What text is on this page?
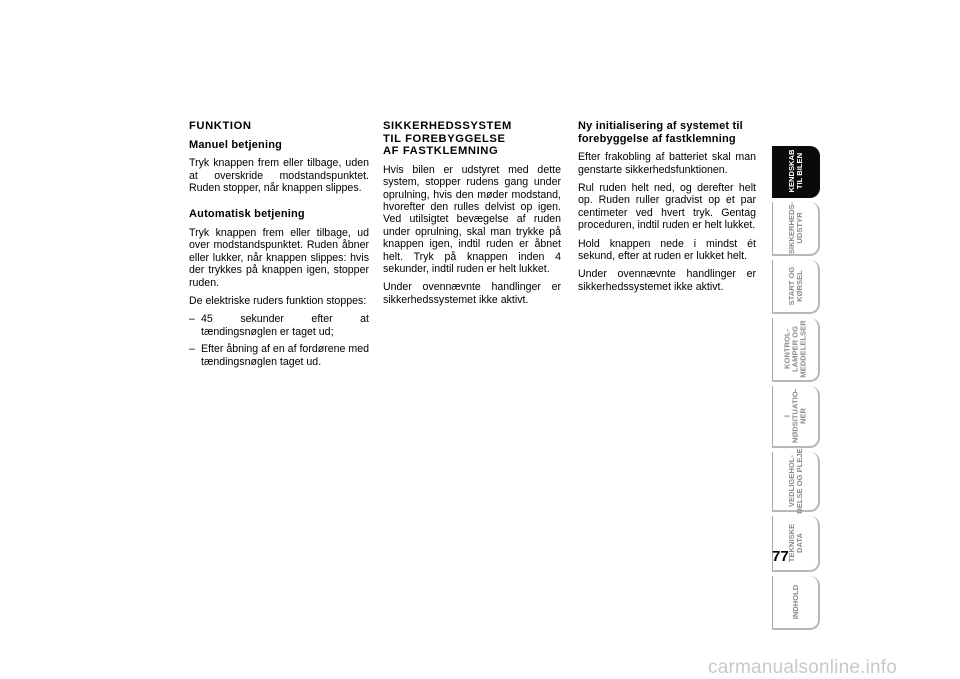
FUNKTION
Manuel betjening

Tryk knappen frem eller tilbage, uden at overskride modstandspunktet. Ruden stopper, når knappen slippes.

Automatisk betjening

Tryk knappen frem eller tilbage, ud over modstandspunktet. Ruden åbner eller lukker, når knappen slippes: hvis der trykkes på knappen igen, stopper ruden.

De elektriske ruders funktion stoppes:

– 45 sekunder efter at tændingsnøglen er taget ud;
– Efter åbning af en af fordørene med tændingsnøglen taget ud.
SIKKERHEDSSYSTEM TIL FOREBYGGELSE AF FASTKLEMNING

Hvis bilen er udstyret med dette system, stopper rudens gang under oprulning, hvis den møder modstand, hvorefter den rulles delvist op igen. Ved utilsigtet bevægelse af ruden under oprulning, skal man trykke på knappen igen, indtil ruden er åbnet helt. Tryk på knappen inden 4 sekunder, indtil ruden er helt lukket.

Under ovennævnte handlinger er sikkerhedssystemet ikke aktivt.

Ny initialisering af systemet til forebyggelse af fastklemning

Efter frakobling af batteriet skal man genstarte sikkerhedsfunktionen.

Rul ruden helt ned, og derefter helt op. Ruden ruller gradvist op et par centimeter ved hvert tryk. Gentag proceduren, indtil ruden er helt lukket.

Hold knappen nede i mindst ét sekund, efter at ruden er lukket helt.

Under ovennævnte handlinger er sikkerhedssystemet ikke aktivt.

KENDSKAB
TIL BILEN
SIKKERHEDS-
UDSTYR
START OG
KØRSEL
KONTROL-
LAMPER OG
MEDDELELSER
I
NØDSITUATIO-
NER
VEDLIGEHOL-
DELSE OG PLEJE
TEKNISKE
DATA
INDHOLD
77
carmanualsonline.info
